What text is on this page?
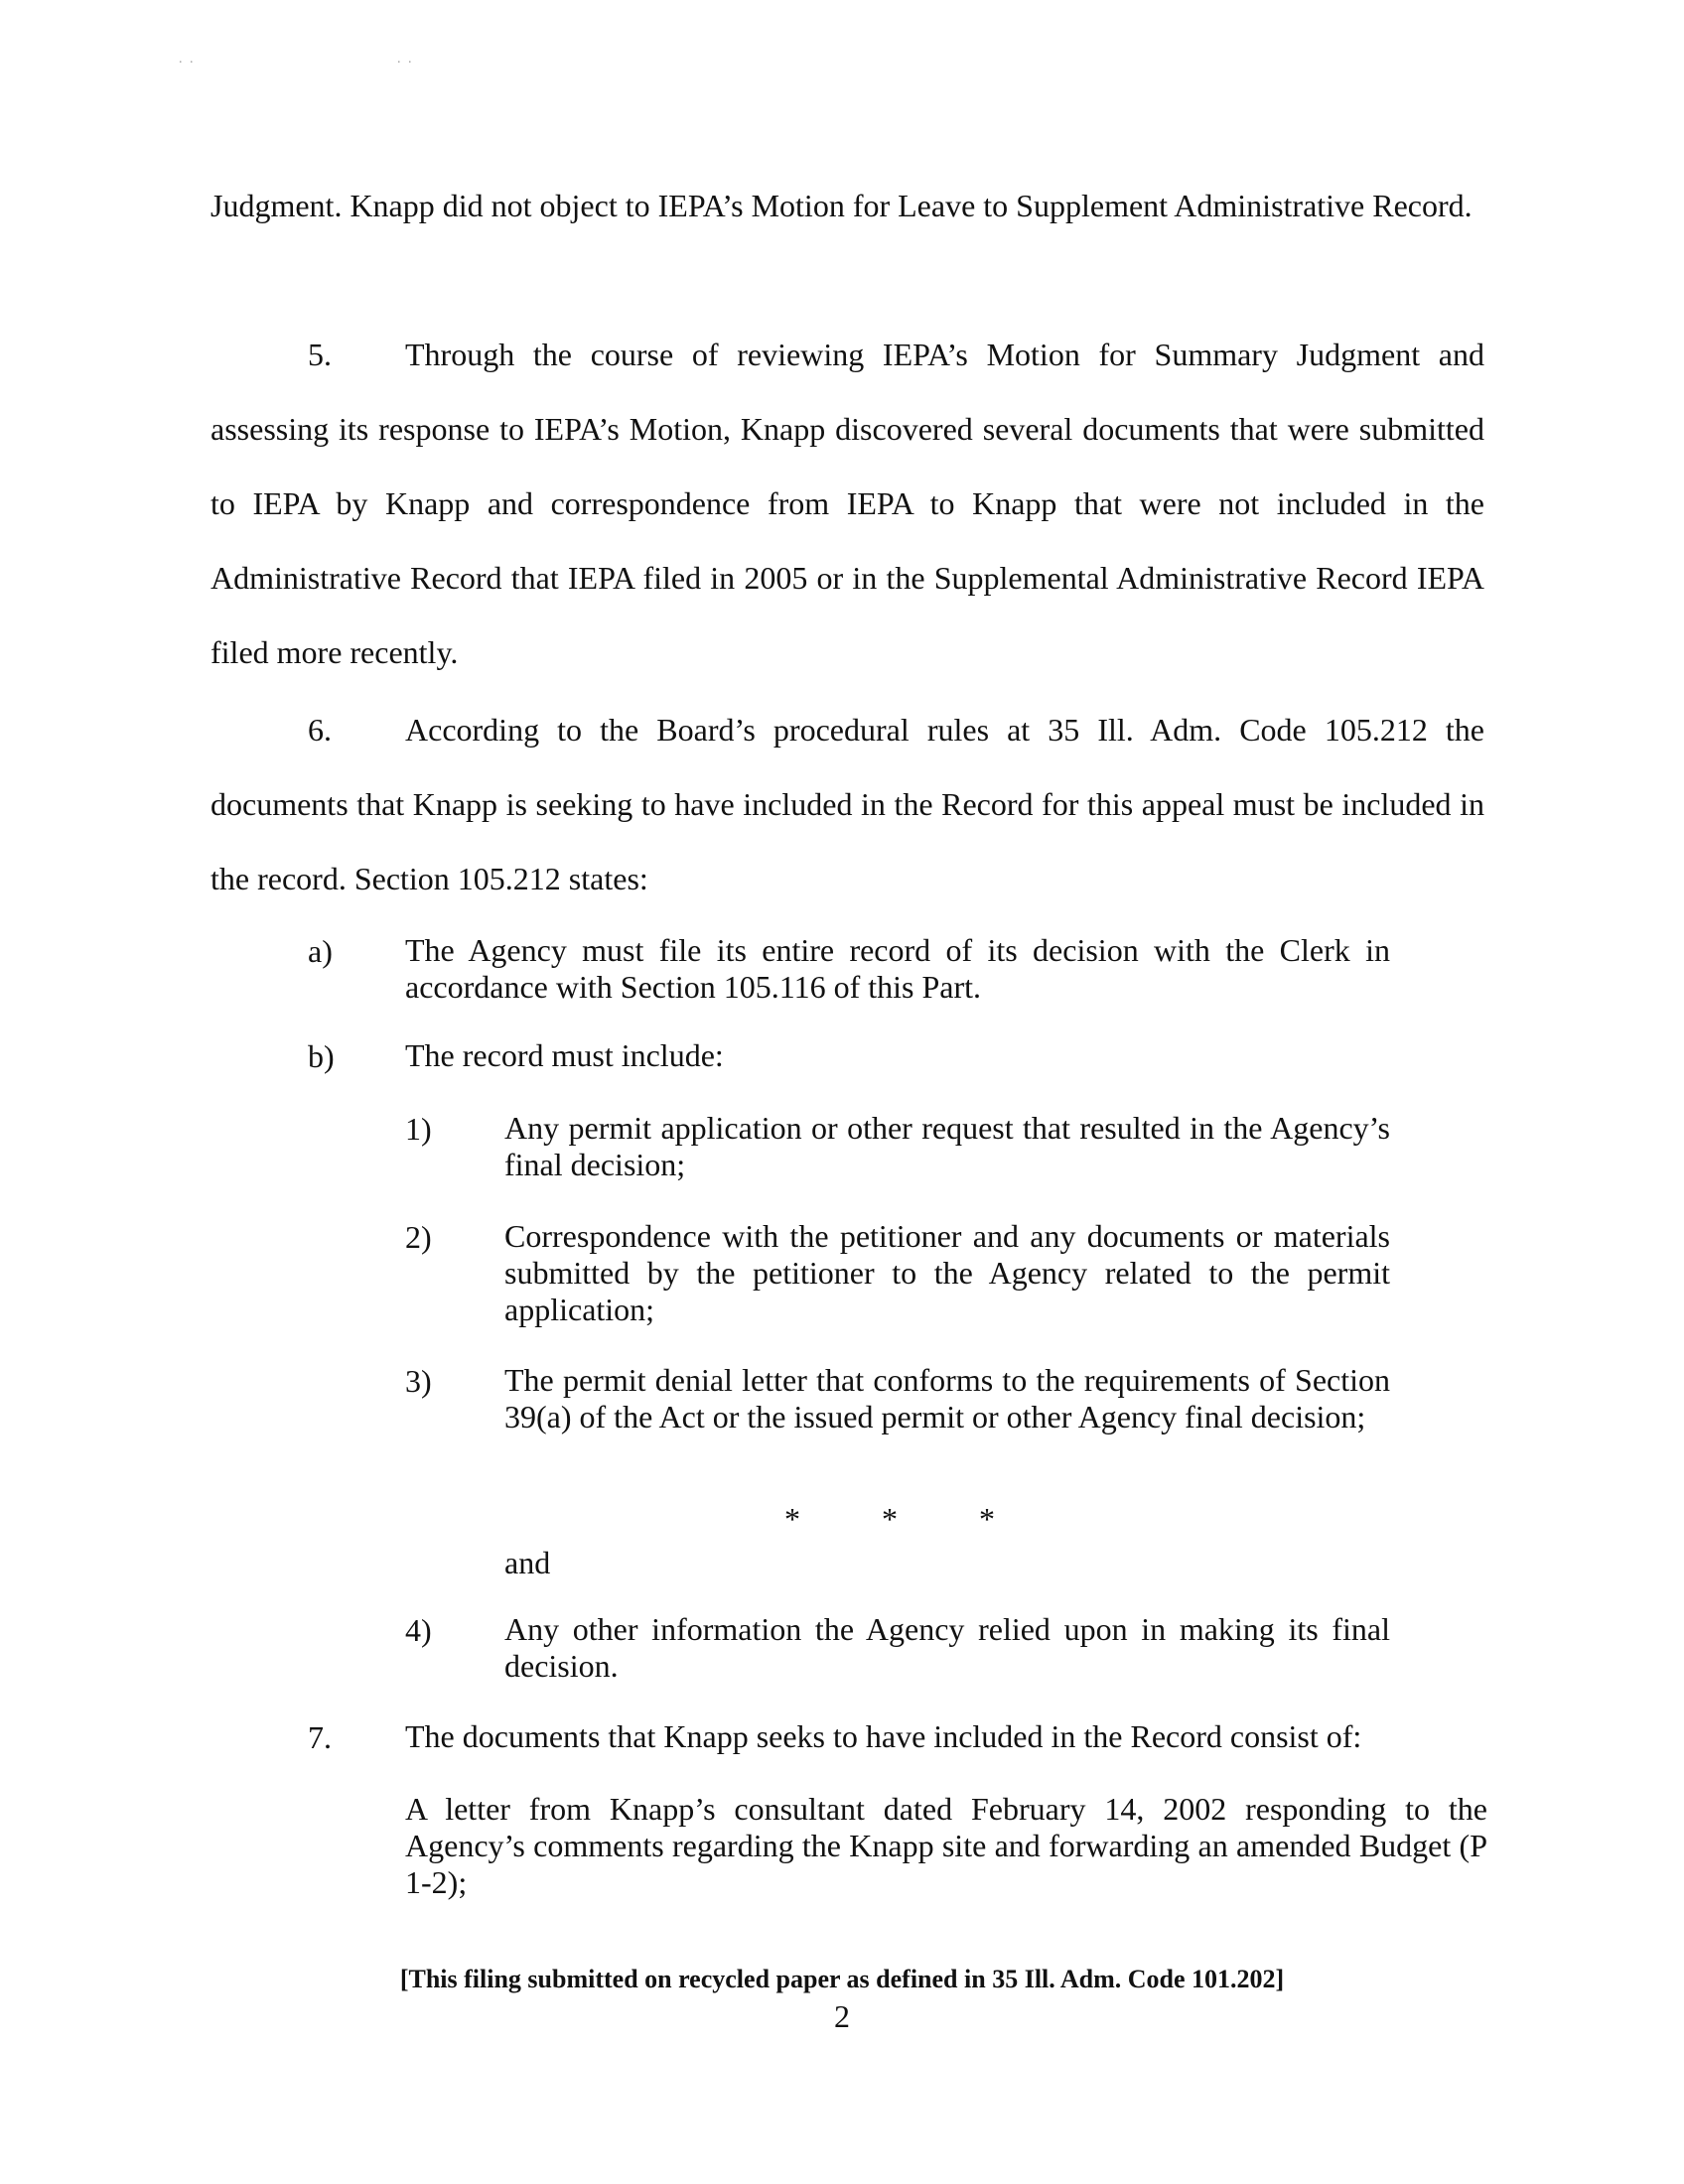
. .	. .

Judgment. Knapp did not object to IEPA’s Motion for Leave to Supplement Administrative Record.

5. Through the course of reviewing IEPA’s Motion for Summary Judgment and assessing its response to IEPA’s Motion, Knapp discovered several documents that were submitted to IEPA by Knapp and correspondence from IEPA to Knapp that were not included in the Administrative Record that IEPA filed in 2005 or in the Supplemental Administrative Record IEPA filed more recently.

6. According to the Board’s procedural rules at 35 Ill. Adm. Code 105.212 the documents that Knapp is seeking to have included in the Record for this appeal must be included in the record. Section 105.212 states:

a) The Agency must file its entire record of its decision with the Clerk in accordance with Section 105.116 of this Part.

b) The record must include:

1) Any permit application or other request that resulted in the Agency’s final decision;

2) Correspondence with the petitioner and any documents or materials submitted by the petitioner to the Agency related to the permit application;

3) The permit denial letter that conforms to the requirements of Section 39(a) of the Act or the issued permit or other Agency final decision;

*	*	*
and
4) Any other information the Agency relied upon in making its final decision.

7. The documents that Knapp seeks to have included in the Record consist of:

A letter from Knapp’s consultant dated February 14, 2002 responding to the Agency’s comments regarding the Knapp site and forwarding an amended Budget (P 1-2);

[This filing submitted on recycled paper as defined in 35 Ill. Adm. Code 101.202]
2
